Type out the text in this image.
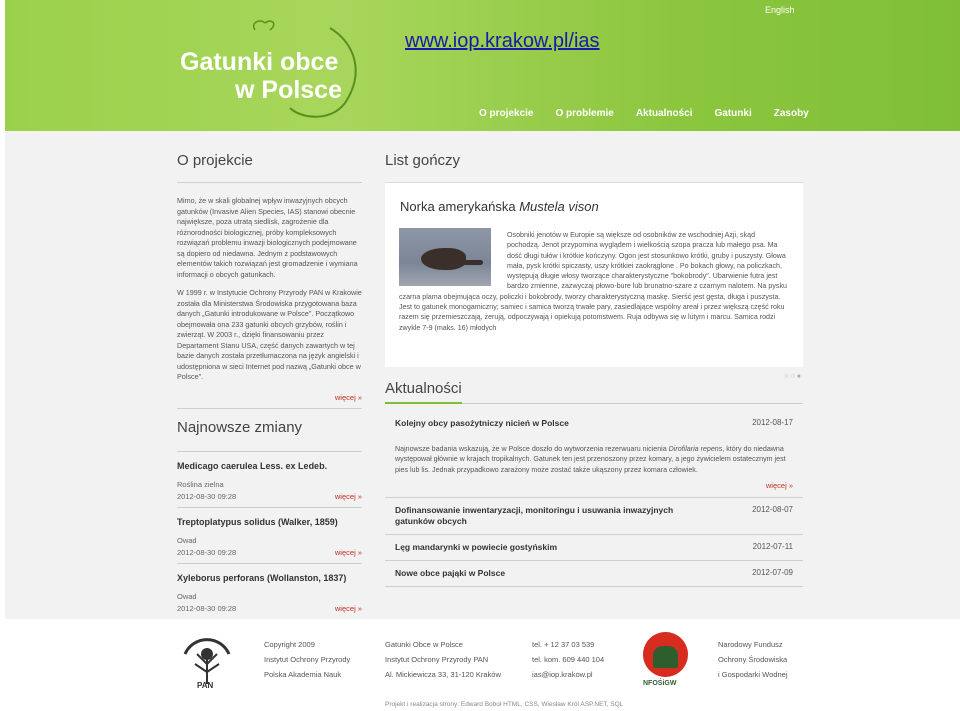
Gatunki obce
w Polsce
www.iop.krakow.pl/ias
English
O projekcie O problemie Aktualności Gatunki Zasoby
O projekcie

Mimo, że w skali globalnej wpływ inwazyjnych obcych gatunków (Invasive Alien Species, IAS) stanowi obecnie największe, poza utratą siedlisk, zagrożenie dla różnorodności biologicznej, próby kompleksowych rozwiązań problemu inwazji biologicznych podejmowane są dopiero od niedawna. Jednym z podstawowych elementów takich rozwiązań jest gromadzenie i wymiana informacji o obcych gatunkach.

W 1999 r. w Instytucie Ochrony Przyrody PAN w Krakowie została dla Ministerstwa Środowiska przygotowana baza danych „Gatunki introdukowane w Polsce". Początkowo obejmowała ona 233 gatunki obcych grzybów, roślin i zwierząt. W 2003 r., dzięki finansowaniu przez Departament Stanu USA, część danych zawartych w tej bazie danych została przetłumaczona na język angielski i udostępniona w sieci Internet pod nazwą „Gatunki obce w Polsce".

więcej »
Najnowsze zmiany
Medicago caerulea Less. ex Ledeb.
Roślina zielna
2012-08-30 09:28	więcej »
Treptoplatypus solidus (Walker, 1859)
Owad
2012-08-30 09:28	więcej »
Xyleborus perforans (Wollanston, 1837)
Owad
2012-08-30 09:28	więcej »
List gończy
Norka amerykańska Mustela vison
Osobniki jenotów w Europie są większe od osobników ze wschodniej Azji, skąd pochodzą. Jenot przypomina wyglądem i wielkością szopa pracza lub małego psa. Ma dość długi tułów i krótkie kończyny. Ogon jest stosunkowo krótki, gruby i puszysty. Głowa mała, pysk krótki spiczasty, uszy krótkiei zaokrąglone . Po bokach głowy, na policzkach, występują długie włosy tworzące charakterystyczne "bokobrody". Ubarwienie futra jest bardzo zmienne, zazwyczaj płowo-bure lub brunatno-szare z czarnym nalotem. Na pysku czarna plama obejmująca oczy, policzki i bokobrody, tworzy charakterystyczną maskę. Sierść jest gęsta, długa i puszysta. Jest to gatunek monogamiczny; samiec i samica tworzą trwałe pary, zasiedlające wspólny areał i przez większą część roku razem się przemieszczają, żerują, odpoczywają i opiekują potomstwem. Ruja odbywa się w lutym i marcu. Samica rodzi zwykle 7-9 (maks. 16) młodych
○○●
Aktualności
Kolejny obcy pasożytniczy nicień w Polsce	2012-08-17
Najnowsze badania wskazują, że w Polsce doszło do wytworzenia rezerwuaru nicienia Dirofilaria repens, który do niedawna występował głównie w krajach tropikalnych. Gatunek ten jest przenoszony przez komary, a jego żywicielem ostatecznym jest pies lub lis. Jednak przypadkowo zarażony może zostać także ukąszony przez komara człowiek.
więcej »
Dofinansowanie inwentaryzacji, monitoringu i usuwania inwazyjnych gatunków obcych
2012-08-07
Lęg mandarynki w powiecie gostyńskim	2012-07-11
Nowe obce pająki w Polsce	2012-07-09
PAN
Copyright 2009
Instytut Ochrony Przyrody
Polska Akademia Nauk
Gatunki Obce w Polsce
Instytut Ochrony Przyrody PAN
Al. Mickiewicza 33, 31-120 Kraków
tel. + 12 37 03 539
tel. kom. 609 440 104
ias@iop.krakow.pl
NFOŚiGW
Narodowy Fundusz
Ochrony Środowiska
i Gospodarki Wodnej
Projekt i realizacja strony: Edward Boboł HTML, CSS, Wiesław Król ASP.NET, SQL
